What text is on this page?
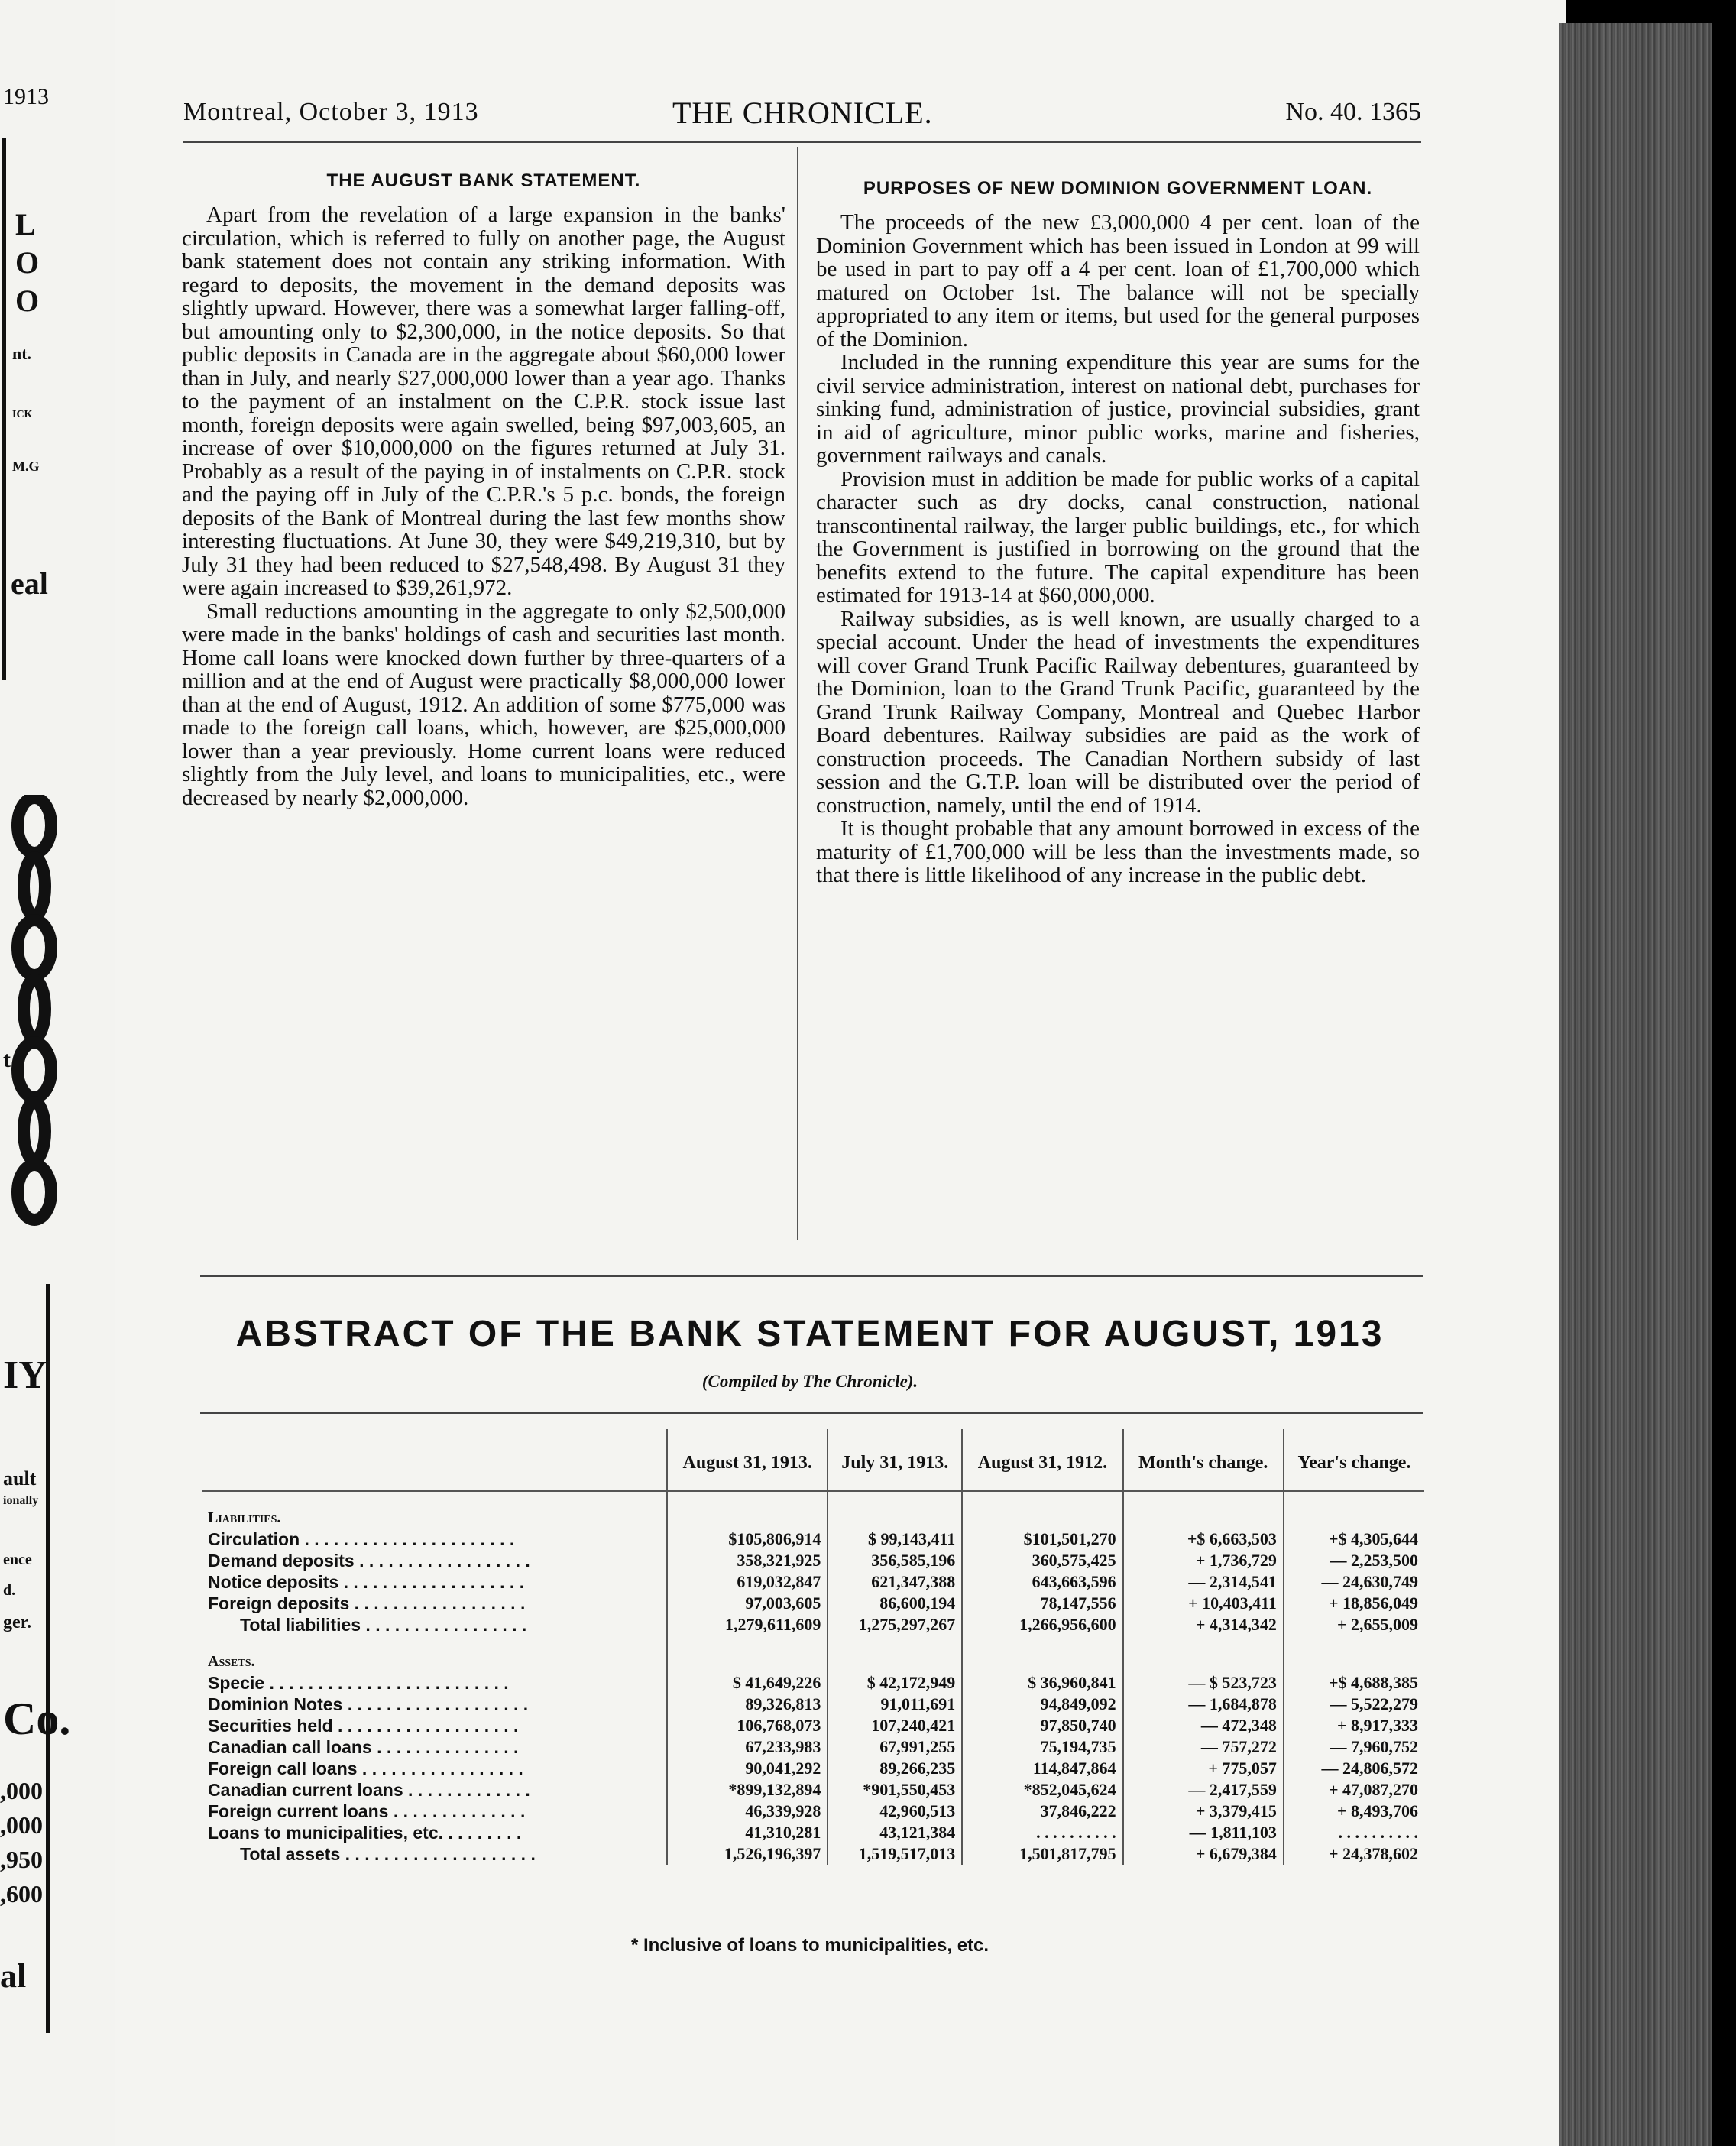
1913
L
O
O
nt.
ICK
M.G
eal
t
IY
ault
ionally
ence
d.
ger.
Co.
,000
,000
,950
,600
al
Montreal, October 3, 1913	THE CHRONICLE.	No. 40. 1365
THE AUGUST BANK STATEMENT.

Apart from the revelation of a large expansion in the banks' circulation, which is referred to fully on another page, the August bank statement does not contain any striking information. With regard to deposits, the movement in the demand deposits was slightly upward. However, there was a somewhat larger falling-off, but amounting only to $2,300,000, in the notice deposits. So that public deposits in Canada are in the aggregate about $60,000 lower than in July, and nearly $27,000,000 lower than a year ago. Thanks to the payment of an instalment on the C.P.R. stock issue last month, foreign deposits were again swelled, being $97,003,605, an increase of over $10,000,000 on the figures returned at July 31. Probably as a result of the paying in of instalments on C.P.R. stock and the paying off in July of the C.P.R.'s 5 p.c. bonds, the foreign deposits of the Bank of Montreal during the last few months show interesting fluctuations. At June 30, they were $49,219,310, but by July 31 they had been reduced to $27,548,498. By August 31 they were again increased to $39,261,972.

Small reductions amounting in the aggregate to only $2,500,000 were made in the banks' holdings of cash and securities last month. Home call loans were knocked down further by three-quarters of a million and at the end of August were practically $8,000,000 lower than at the end of August, 1912. An addition of some $775,000 was made to the foreign call loans, which, however, are $25,000,000 lower than a year previously. Home current loans were reduced slightly from the July level, and loans to municipalities, etc., were decreased by nearly $2,000,000.

PURPOSES OF NEW DOMINION GOVERNMENT LOAN.

The proceeds of the new £3,000,000 4 per cent. loan of the Dominion Government which has been issued in London at 99 will be used in part to pay off a 4 per cent. loan of £1,700,000 which matured on October 1st. The balance will not be specially appropriated to any item or items, but used for the general purposes of the Dominion.

Included in the running expenditure this year are sums for the civil service administration, interest on national debt, purchases for sinking fund, administration of justice, provincial subsidies, grant in aid of agriculture, minor public works, marine and fisheries, government railways and canals.

Provision must in addition be made for public works of a capital character such as dry docks, canal construction, national transcontinental railway, the larger public buildings, etc., for which the Government is justified in borrowing on the ground that the benefits extend to the future. The capital expenditure has been estimated for 1913-14 at $60,000,000.

Railway subsidies, as is well known, are usually charged to a special account. Under the head of investments the expenditures will cover Grand Trunk Pacific Railway debentures, guaranteed by the Dominion, loan to the Grand Trunk Pacific, guaranteed by the Grand Trunk Railway Company, Montreal and Quebec Harbor Board debentures. Railway subsidies are paid as the work of construction proceeds. The Canadian Northern subsidy of last session and the G.T.P. loan will be distributed over the period of construction, namely, until the end of 1914.

It is thought probable that any amount borrowed in excess of the maturity of £1,700,000 will be less than the investments made, so that there is little likelihood of any increase in the public debt.

ABSTRACT OF THE BANK STATEMENT FOR AUGUST, 1913
(Compiled by The Chronicle).
	August 31, 1913.	July 31, 1913.	August 31, 1912.	Month's change.	Year's change.
Liabilities.					
Circulation . . . . . . . . . . . . . . . . . . . . . .	$105,806,914	$ 99,143,411	$101,501,270	+$ 6,663,503	+$ 4,305,644
Demand deposits . . . . . . . . . . . . . . . . . .	358,321,925	356,585,196	360,575,425	+ 1,736,729	— 2,253,500
Notice deposits . . . . . . . . . . . . . . . . . . .	619,032,847	621,347,388	643,663,596	— 2,314,541	— 24,630,749
Foreign deposits . . . . . . . . . . . . . . . . . .	97,003,605	86,600,194	78,147,556	+ 10,403,411	+ 18,856,049
Total liabilities . . . . . . . . . . . . . . . . .	1,279,611,609	1,275,297,267	1,266,956,600	+ 4,314,342	+ 2,655,009
Assets.					
Specie . . . . . . . . . . . . . . . . . . . . . . . . .	$ 41,649,226	$ 42,172,949	$ 36,960,841	— $ 523,723	+$ 4,688,385
Dominion Notes . . . . . . . . . . . . . . . . . . .	89,326,813	91,011,691	94,849,092	— 1,684,878	— 5,522,279
Securities held . . . . . . . . . . . . . . . . . . .	106,768,073	107,240,421	97,850,740	— 472,348	+ 8,917,333
Canadian call loans . . . . . . . . . . . . . . .	67,233,983	67,991,255	75,194,735	— 757,272	— 7,960,752
Foreign call loans . . . . . . . . . . . . . . . . .	90,041,292	89,266,235	114,847,864	+ 775,057	— 24,806,572
Canadian current loans . . . . . . . . . . . . .	*899,132,894	*901,550,453	*852,045,624	— 2,417,559	+ 47,087,270
Foreign current loans . . . . . . . . . . . . . .	46,339,928	42,960,513	37,846,222	+ 3,379,415	+ 8,493,706
Loans to municipalities, etc. . . . . . . . .	41,310,281	43,121,384	. . . . . . . . . .	— 1,811,103	. . . . . . . . . .
Total assets . . . . . . . . . . . . . . . . . . . .	1,526,196,397	1,519,517,013	1,501,817,795	+ 6,679,384	+ 24,378,602
* Inclusive of loans to municipalities, etc.
